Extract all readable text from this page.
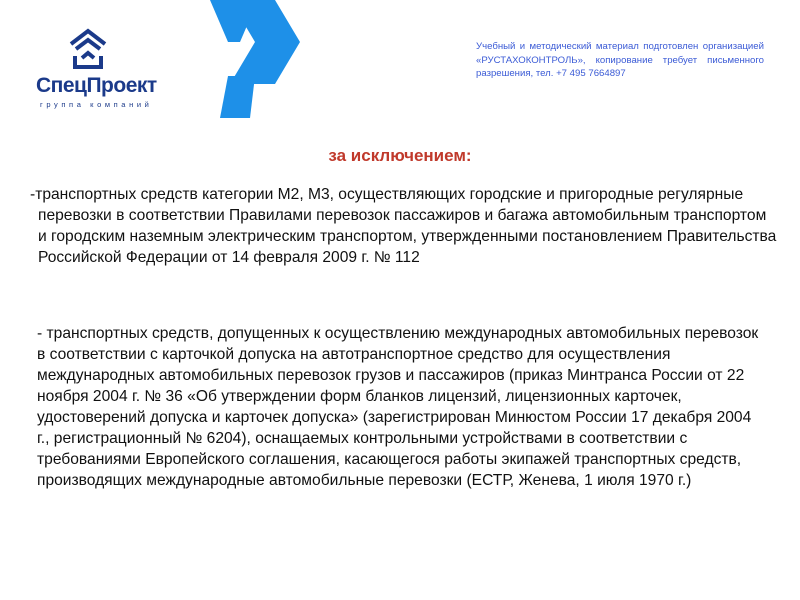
СпецПроект
группа компаний
Учебный и методический материал подготовлен организацией «РУСТАХОКОНТРОЛЬ», копирование требует письменного разрешения, тел. +7 495 7664897
за исключением:
-транспортных средств категории М2, М3, осуществляющих городские и пригородные регулярные перевозки в соответствии Правилами перевозок пассажиров и багажа автомобильным транспортом и городским наземным электрическим транспортом, утвержденными постановлением Правительства Российской Федерации от 14 февраля 2009 г. № 112
- транспортных средств, допущенных к осуществлению международных автомобильных перевозок в соответствии с карточкой допуска на автотранспортное средство для осуществления международных автомобильных перевозок грузов и пассажиров (приказ Минтранса России от 22 ноября 2004 г. № 36 «Об утверждении форм бланков лицензий, лицензионных карточек, удостоверений допуска и карточек допуска» (зарегистрирован Минюстом России 17 декабря 2004 г., регистрационный № 6204), оснащаемых контрольными устройствами в соответствии с требованиями Европейского соглашения, касающегося работы экипажей транспортных средств, производящих международные автомобильные перевозки (ЕСТР, Женева, 1 июля 1970 г.)
